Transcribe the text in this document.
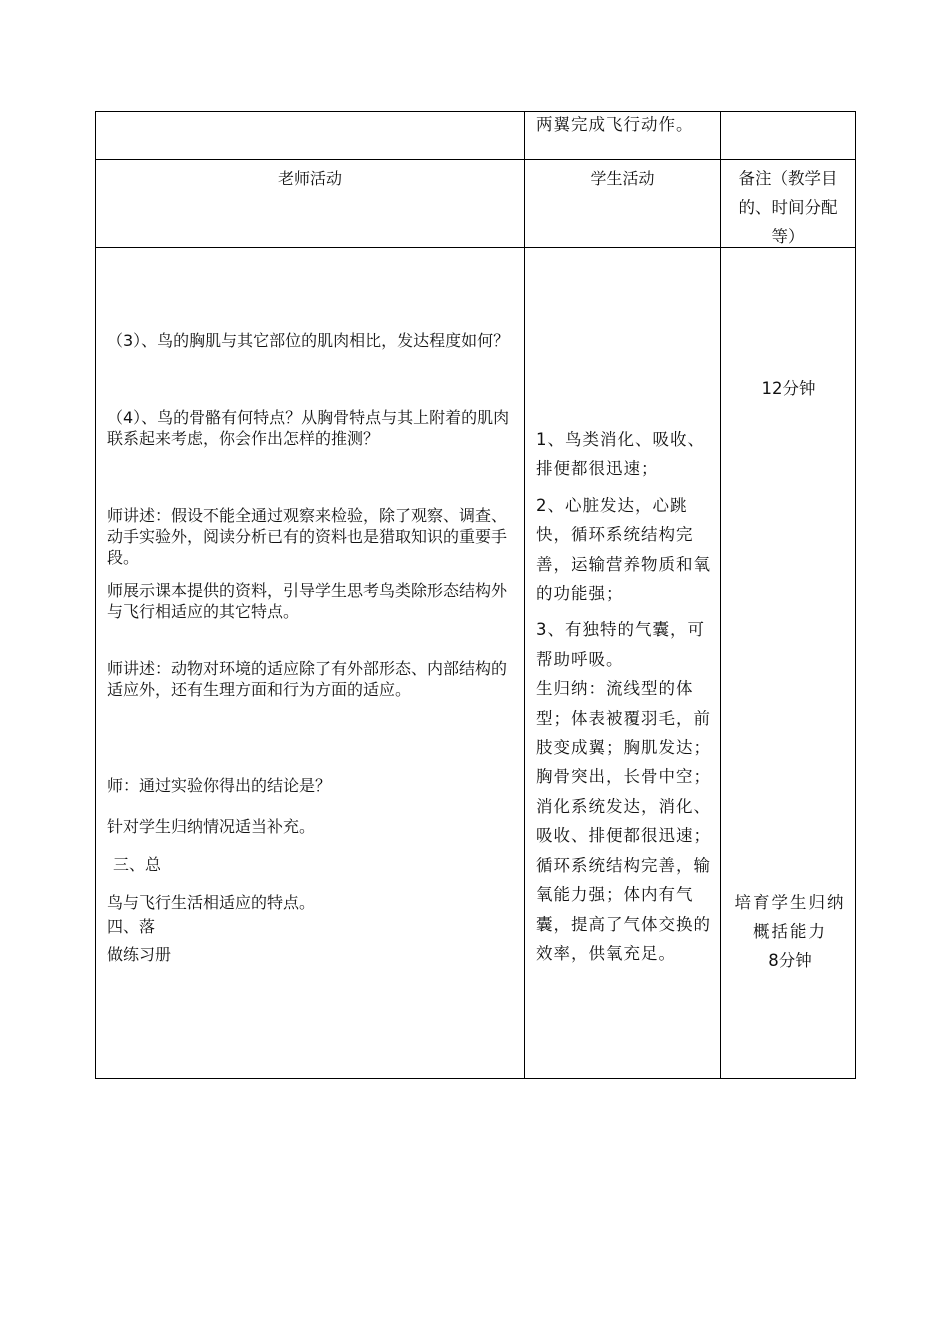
两翼完成飞行动作。
老师活动	学生活动	备注（教学目的、时间分配等）

（3）、鸟的胸肌与其它部位的肌肉相比，发达程度如何？

（4）、鸟的骨骼有何特点？从胸骨特点与其上附着的肌肉联系起来考虑，你会作出怎样的推测？

师讲述：假设不能全通过观察来检验，除了观察、调查、动手实验外，阅读分析已有的资料也是猎取知识的重要手段。

师展示课本提供的资料，引导学生思考鸟类除形态结构外与飞行相适应的其它特点。

师讲述：动物对环境的适应除了有外部形态、内部结构的适应外，还有生理方面和行为方面的适应。

师：通过实验你得出的结论是？

针对学生归纳情况适当补充。

三、总

鸟与飞行生活相适应的特点。

四、落

做练习册

1、鸟类消化、吸收、排便都很迅速；

2、心脏发达，心跳快，循环系统结构完善，运输营养物质和氧的功能强；

3、有独特的气囊，可帮助呼吸。

生归纳：流线型的体型；体表被覆羽毛，前肢变成翼；胸肌发达；胸骨突出，长骨中空；消化系统发达，消化、吸收、排便都很迅速；循环系统结构完善，输氧能力强；体内有气囊，提高了气体交换的效率，供氧充足。

12分钟

培育学生归纳概括能力

8分钟
